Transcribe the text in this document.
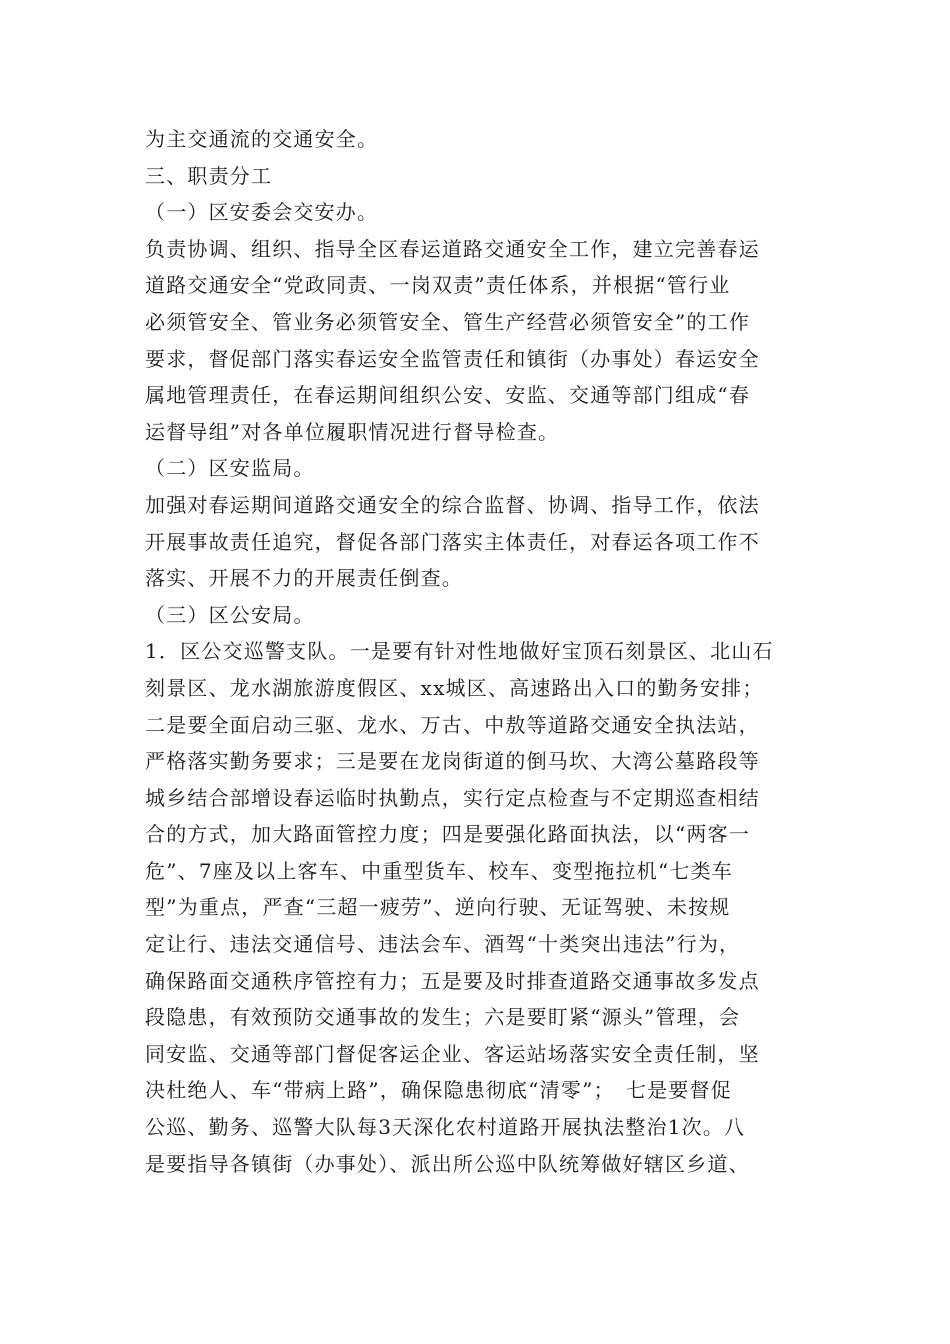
为主交通流的交通安全。
三、职责分工
（一）区安委会交安办。
负责协调、组织、指导全区春运道路交通安全工作，建立完善春运
道路交通安全“党政同责、一岗双责”责任体系，并根据“管行业
必须管安全、管业务必须管安全、管生产经营必须管安全”的工作
要求，督促部门落实春运安全监管责任和镇街（办事处）春运安全
属地管理责任，在春运期间组织公安、安监、交通等部门组成“春
运督导组”对各单位履职情况进行督导检查。
（二）区安监局。
加强对春运期间道路交通安全的综合监督、协调、指导工作，依法
开展事故责任追究，督促各部门落实主体责任，对春运各项工作不
落实、开展不力的开展责任倒查。
（三）区公安局。
1．区公交巡警支队。一是要有针对性地做好宝顶石刻景区、北山石
刻景区、龙水湖旅游度假区、xx城区、高速路出入口的勤务安排；
二是要全面启动三驱、龙水、万古、中敖等道路交通安全执法站，
严格落实勤务要求；三是要在龙岗街道的倒马坎、大湾公墓路段等
城乡结合部增设春运临时执勤点，实行定点检查与不定期巡查相结
合的方式，加大路面管控力度；四是要强化路面执法，以“两客一
危”、7座及以上客车、中重型货车、校车、变型拖拉机“七类车
型”为重点，严查“三超一疲劳”、逆向行驶、无证驾驶、未按规
定让行、违法交通信号、违法会车、酒驾“十类突出违法”行为，
确保路面交通秩序管控有力；五是要及时排查道路交通事故多发点
段隐患，有效预防交通事故的发生；六是要盯紧“源头”管理，会
同安监、交通等部门督促客运企业、客运站场落实安全责任制，坚
决杜绝人、车“带病上路”，确保隐患彻底“清零”；　七是要督促
公巡、勤务、巡警大队每3天深化农村道路开展执法整治1次。八
是要指导各镇街（办事处）、派出所公巡中队统筹做好辖区乡道、
